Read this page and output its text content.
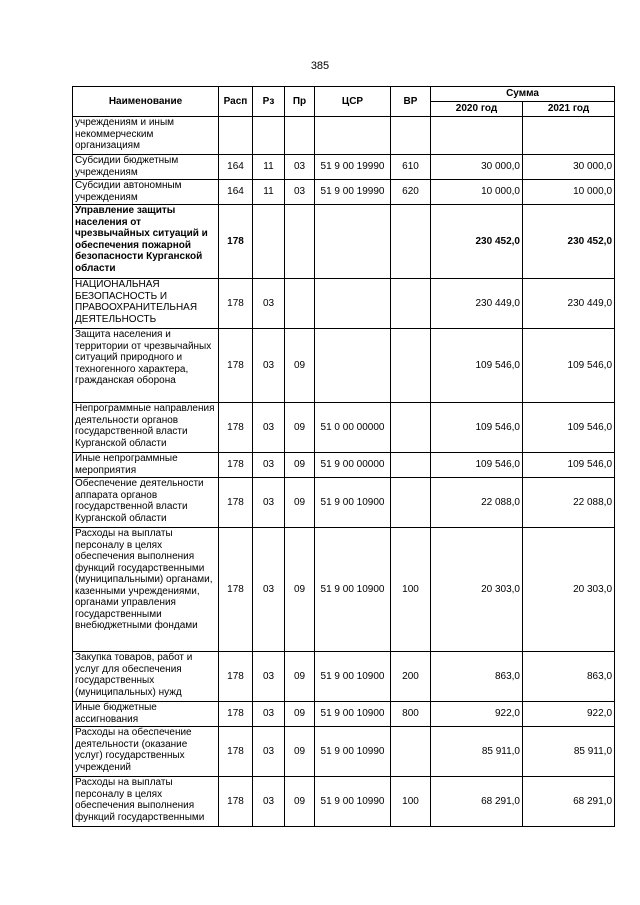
385
Наименование	Расп	Рз	Пр	ЦСР	ВР	Сумма	
						2020 год	2021 год
учреждениям и иным некоммерческим организациям							
Субсидии бюджетным учреждениям	164	11	03	51 9 00 19990	610	30 000,0	30 000,0
Субсидии автономным учреждениям	164	11	03	51 9 00 19990	620	10 000,0	10 000,0
Управление защиты населения от чрезвычайных ситуаций и обеспечения пожарной безопасности Курганской области	178					230 452,0	230 452,0
НАЦИОНАЛЬНАЯ БЕЗОПАСНОСТЬ И ПРАВООХРАНИТЕЛЬНАЯ ДЕЯТЕЛЬНОСТЬ	178	03				230 449,0	230 449,0
Защита населения и территории от чрезвычайных ситуаций природного и техногенного характера, гражданская оборона	178	03	09			109 546,0	109 546,0
Непрограммные направления деятельности органов государственной власти Курганской области	178	03	09	51 0 00 00000		109 546,0	109 546,0
Иные непрограммные мероприятия	178	03	09	51 9 00 00000		109 546,0	109 546,0
Обеспечение деятельности аппарата органов государственной власти Курганской области	178	03	09	51 9 00 10900		22 088,0	22 088,0
Расходы на выплаты персоналу в целях обеспечения выполнения функций государственными (муниципальными) органами, казенными учреждениями, органами управления государственными внебюджетными фондами	178	03	09	51 9 00 10900	100	20 303,0	20 303,0
Закупка товаров, работ и услуг для обеспечения государственных (муниципальных) нужд	178	03	09	51 9 00 10900	200	863,0	863,0
Иные бюджетные ассигнования	178	03	09	51 9 00 10900	800	922,0	922,0
Расходы на обеспечение деятельности (оказание услуг) государственных учреждений	178	03	09	51 9 00 10990		85 911,0	85 911,0
Расходы на выплаты персоналу в целях обеспечения выполнения функций государственными	178	03	09	51 9 00 10990	100	68 291,0	68 291,0
